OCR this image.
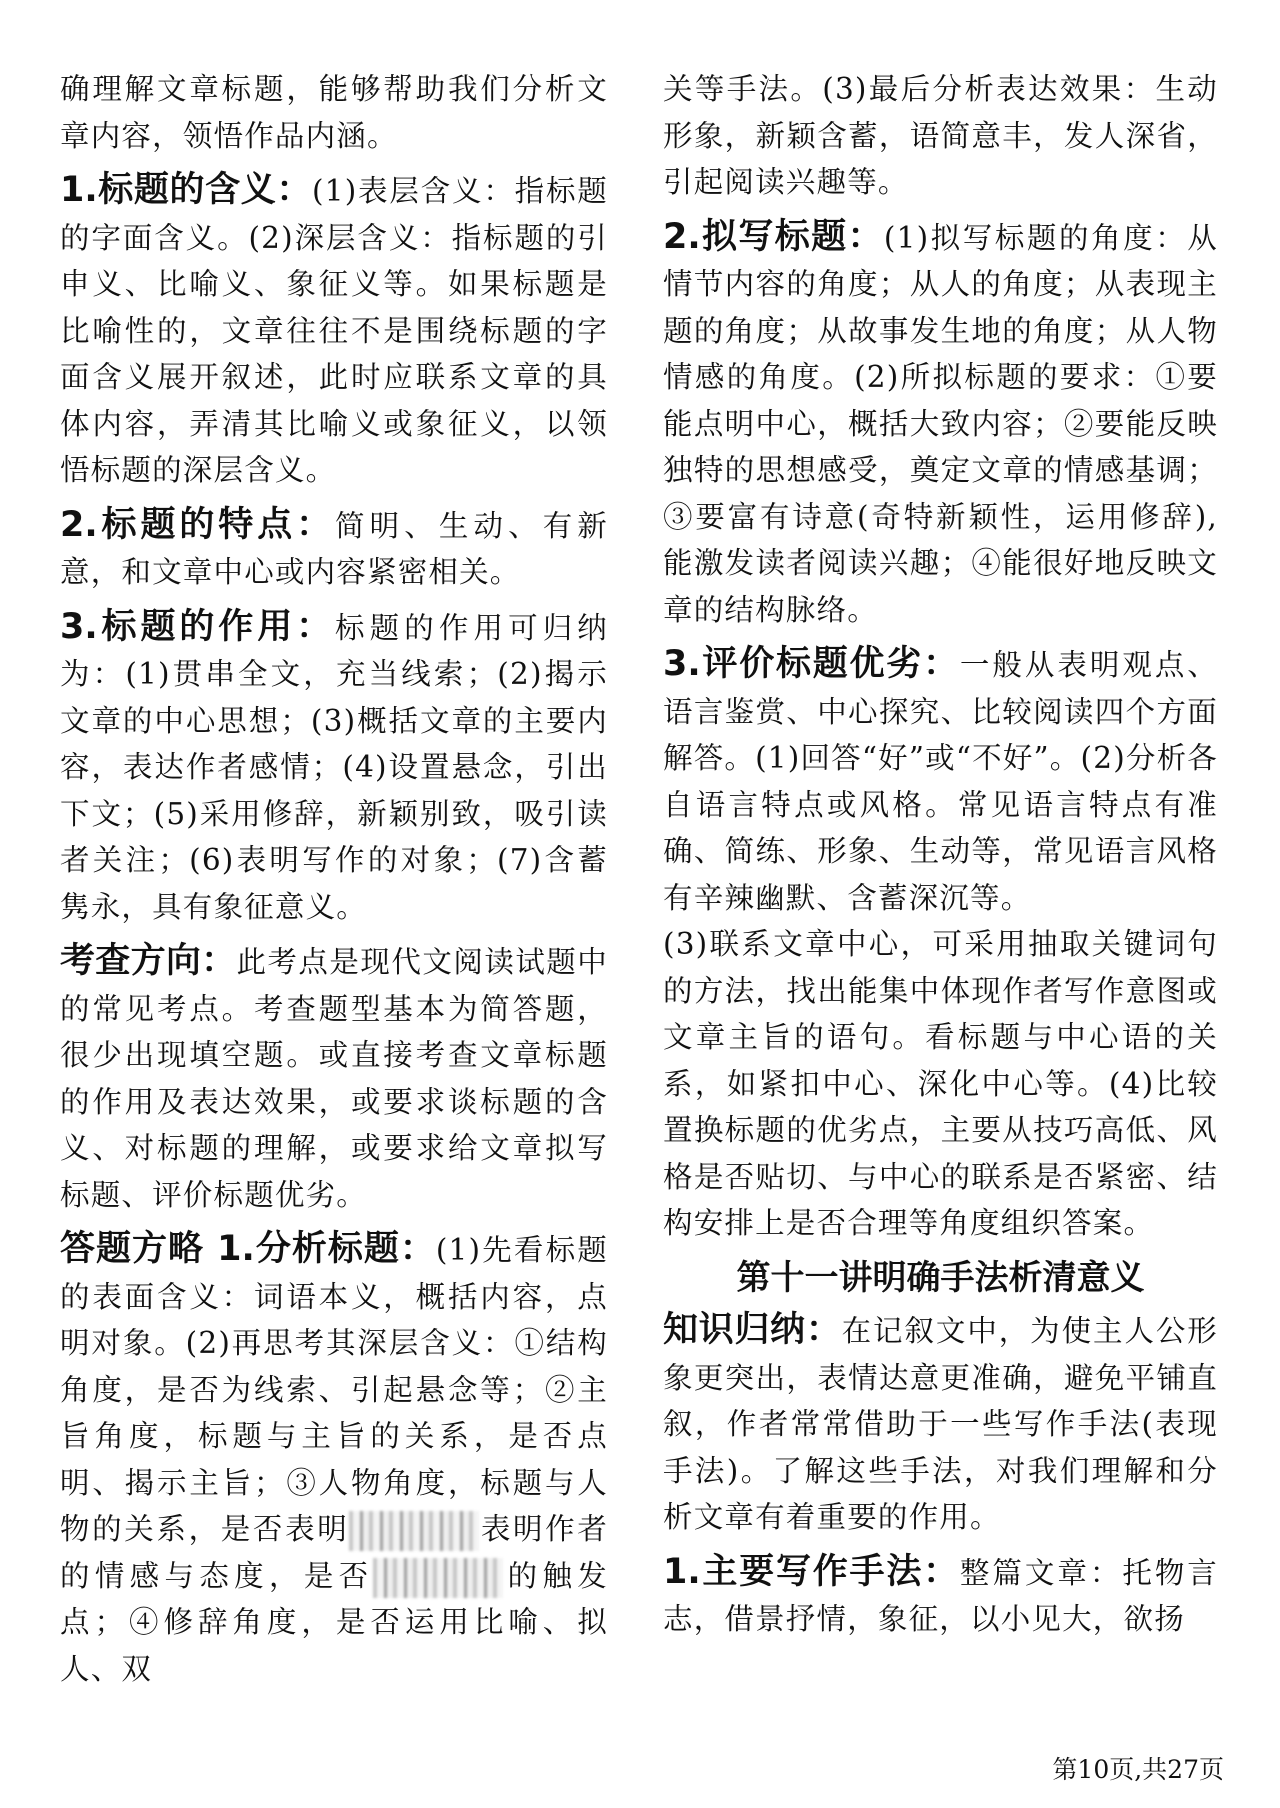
确理解文章标题，能够帮助我们分析文章内容，领悟作品内涵。

1.标题的含义：(1)表层含义：指标题的字面含义。(2)深层含义：指标题的引申义、比喻义、象征义等。如果标题是比喻性的，文章往往不是围绕标题的字面含义展开叙述，此时应联系文章的具体内容，弄清其比喻义或象征义，以领悟标题的深层含义。

2.标题的特点：简明、生动、有新意，和文章中心或内容紧密相关。

3.标题的作用：标题的作用可归纳为：(1)贯串全文，充当线索；(2)揭示文章的中心思想；(3)概括文章的主要内容，表达作者感情；(4)设置悬念，引出下文；(5)采用修辞，新颖别致，吸引读者关注；(6)表明写作的对象；(7)含蓄隽永，具有象征意义。

考查方向：此考点是现代文阅读试题中的常见考点。考查题型基本为简答题，很少出现填空题。或直接考查文章标题的作用及表达效果，或要求谈标题的含义、对标题的理解，或要求给文章拟写标题、评价标题优劣。

答题方略 1.分析标题：(1)先看标题的表面含义：词语本义，概括内容，点明对象。(2)再思考其深层含义：①结构角度，是否为线索、引起悬念等；②主旨角度，标题与主旨的关系，是否点明、揭示主旨；③人物角度，标题与人物的关系，是否表明	表明作者的情感与态度，是否	的触发点；④修辞角度，是否运用比喻、拟人、双

关等手法。(3)最后分析表达效果：生动形象，新颖含蓄，语简意丰，发人深省，引起阅读兴趣等。

2.拟写标题：(1)拟写标题的角度：从情节内容的角度；从人的角度；从表现主题的角度；从故事发生地的角度；从人物情感的角度。(2)所拟标题的要求：①要能点明中心，概括大致内容；②要能反映独特的思想感受，奠定文章的情感基调；③要富有诗意(奇特新颖性，运用修辞),能激发读者阅读兴趣；④能很好地反映文章的结构脉络。

3.评价标题优劣：一般从表明观点、语言鉴赏、中心探究、比较阅读四个方面解答。(1)回答“好”或“不好”。(2)分析各自语言特点或风格。常见语言特点有准确、简练、形象、生动等，常见语言风格有辛辣幽默、含蓄深沉等。

(3)联系文章中心，可采用抽取关键词句的方法，找出能集中体现作者写作意图或文章主旨的语句。看标题与中心语的关系，如紧扣中心、深化中心等。(4)比较置换标题的优劣点，主要从技巧高低、风格是否贴切、与中心的联系是否紧密、结构安排上是否合理等角度组织答案。

第十一讲明确手法析清意义

知识归纳：在记叙文中，为使主人公形象更突出，表情达意更准确，避免平铺直叙，作者常常借助于一些写作手法(表现手法)。了解这些手法，对我们理解和分析文章有着重要的作用。

1.主要写作手法：整篇文章：托物言志，借景抒情，象征，以小见大，欲扬

第10页,共27页
